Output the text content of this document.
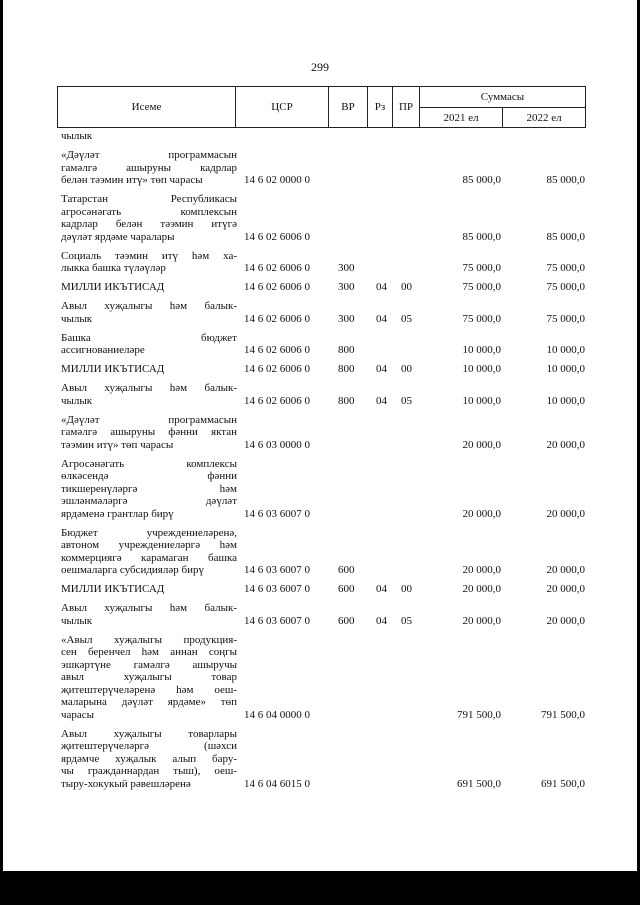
299
Исеме	ЦСР	ВР	Рз	ПР	Суммасы	
					2021 ел	2022 ел
чылык
«Дәүләт программасын
гамәлгә ашыруны кадрлар
белән тәэмин итү» төп чарасы	14 6 02 0000 0	85 000,0	85 000,0
Татарстан Республикасы
агросәнәгать комплексын
кадрлар белән тәэмин итүгә
дәүләт ярдәме чаралары	14 6 02 6006 0	85 000,0	85 000,0
Социаль тәэмин итү һәм ха-
лыкка башка түләүләр	14 6 02 6006 0	300	75 000,0	75 000,0
МИЛЛИ ИКЪТИСАД	14 6 02 6006 0	300 04 00	75 000,0	75 000,0
Авыл хуҗалыгы һәм балык-
чылык	14 6 02 6006 0	300 04 05	75 000,0	75 000,0
Башка бюджет
ассигнованиеләре	14 6 02 6006 0	800	10 000,0	10 000,0
МИЛЛИ ИКЪТИСАД	14 6 02 6006 0	800 04 00	10 000,0	10 000,0
Авыл хуҗалыгы һәм балык-
чылык	14 6 02 6006 0	800 04 05	10 000,0	10 000,0
«Дәүләт программасын
гамәлгә ашыруны фәнни яктан
тәэмин итү» төп чарасы	14 6 03 0000 0	20 000,0	20 000,0
Агросәнәгать комплексы
өлкәсендә фәнни
тикшеренүләргә һәм
эшләнмәләргә дәүләт
ярдәменә грантлар бирү	14 6 03 6007 0	20 000,0	20 000,0
Бюджет учреждениеләренә,
автоном учреждениеләргә һәм
коммерциягә карамаган башка
оешмаларга субсидияләр бирү	14 6 03 6007 0	600	20 000,0	20 000,0
МИЛЛИ ИКЪТИСАД	14 6 03 6007 0	600 04 00	20 000,0	20 000,0
Авыл хуҗалыгы һәм балык-
чылык	14 6 03 6007 0	600 04 05	20 000,0	20 000,0
«Авыл хуҗалыгы продукция-
сен беренчел һәм аннан соңгы
эшкәртүне гамәлгә ашыручы
авыл хуҗалыгы товар
җитештерүчеләренә һәм оеш-
маларына дәүләт ярдәме» төп
чарасы	14 6 04 0000 0	791 500,0	791 500,0
Авыл хуҗалыгы товарлары
җитештерүчеләргә (шәхси
ярдәмче хуҗалык алып бару-
чы гражданнардан тыш), оеш-
тыру-хокукый рәвешләренә	14 6 04 6015 0	691 500,0	691 500,0
